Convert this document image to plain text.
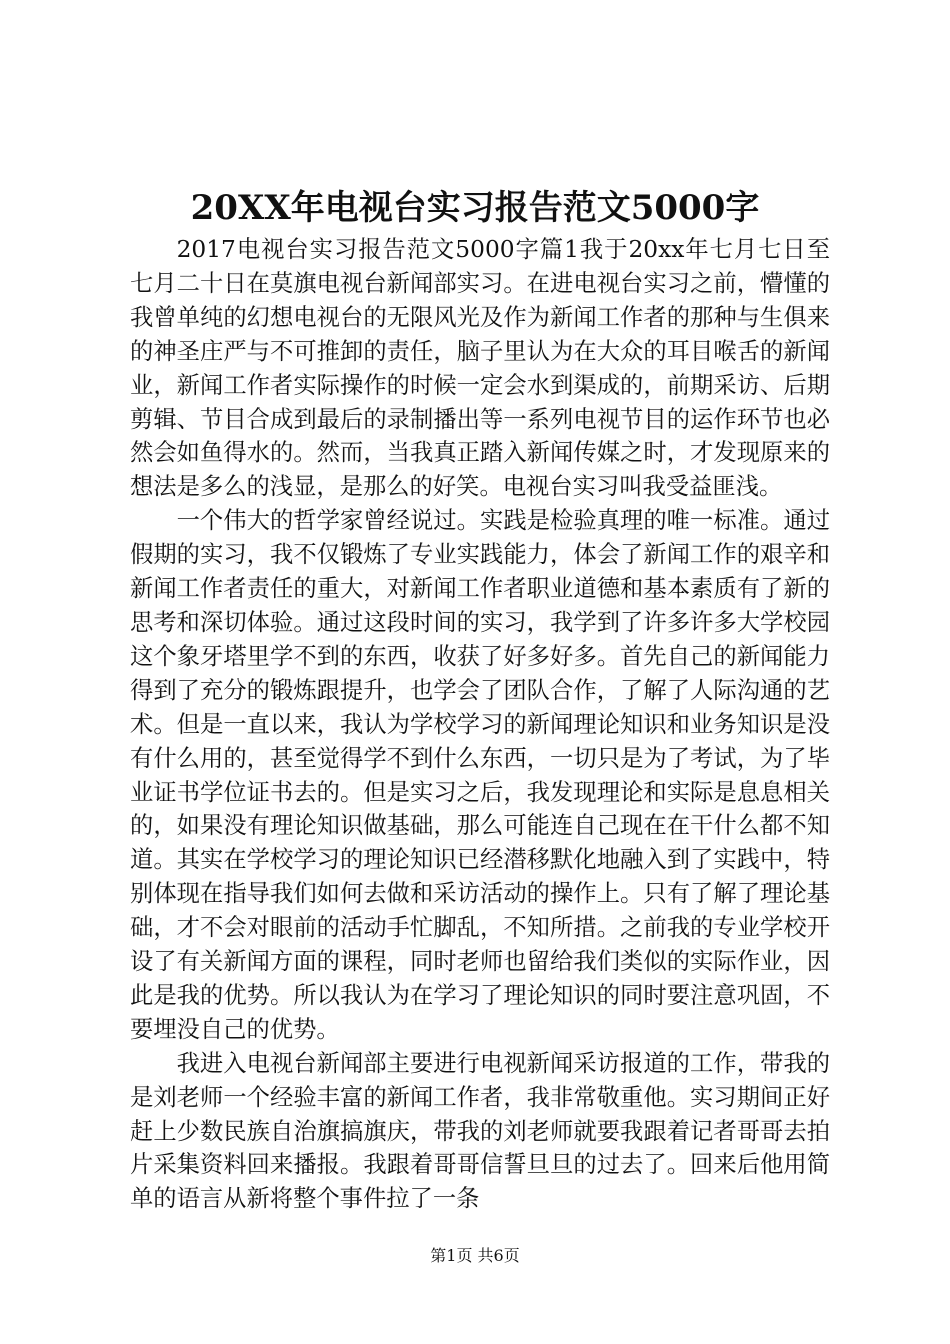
20XX年电视台实习报告范文5000字

2017电视台实习报告范文5000字篇1我于20xx年七月七日至七月二十日在莫旗电视台新闻部实习。在进电视台实习之前，懵懂的我曾单纯的幻想电视台的无限风光及作为新闻工作者的那种与生俱来的神圣庄严与不可推卸的责任，脑子里认为在大众的耳目喉舌的新闻业，新闻工作者实际操作的时候一定会水到渠成的，前期采访、后期剪辑、节目合成到最后的录制播出等一系列电视节目的运作环节也必然会如鱼得水的。然而，当我真正踏入新闻传媒之时，才发现原来的想法是多么的浅显，是那么的好笑。电视台实习叫我受益匪浅。

一个伟大的哲学家曾经说过。实践是检验真理的唯一标准。通过假期的实习，我不仅锻炼了专业实践能力，体会了新闻工作的艰辛和新闻工作者责任的重大，对新闻工作者职业道德和基本素质有了新的思考和深切体验。通过这段时间的实习，我学到了许多许多大学校园这个象牙塔里学不到的东西，收获了好多好多。首先自己的新闻能力得到了充分的锻炼跟提升，也学会了团队合作，了解了人际沟通的艺术。但是一直以来，我认为学校学习的新闻理论知识和业务知识是没有什么用的，甚至觉得学不到什么东西，一切只是为了考试，为了毕业证书学位证书去的。但是实习之后，我发现理论和实际是息息相关的，如果没有理论知识做基础，那么可能连自己现在在干什么都不知道。其实在学校学习的理论知识已经潜移默化地融入到了实践中，特别体现在指导我们如何去做和采访活动的操作上。只有了解了理论基础，才不会对眼前的活动手忙脚乱，不知所措。之前我的专业学校开设了有关新闻方面的课程，同时老师也留给我们类似的实际作业，因此是我的优势。所以我认为在学习了理论知识的同时要注意巩固，不要埋没自己的优势。

我进入电视台新闻部主要进行电视新闻采访报道的工作，带我的是刘老师一个经验丰富的新闻工作者，我非常敬重他。实习期间正好赶上少数民族自治旗搞旗庆，带我的刘老师就要我跟着记者哥哥去拍片采集资料回来播报。我跟着哥哥信誓旦旦的过去了。回来后他用简单的语言从新将整个事件拉了一条

第1页 共6页
